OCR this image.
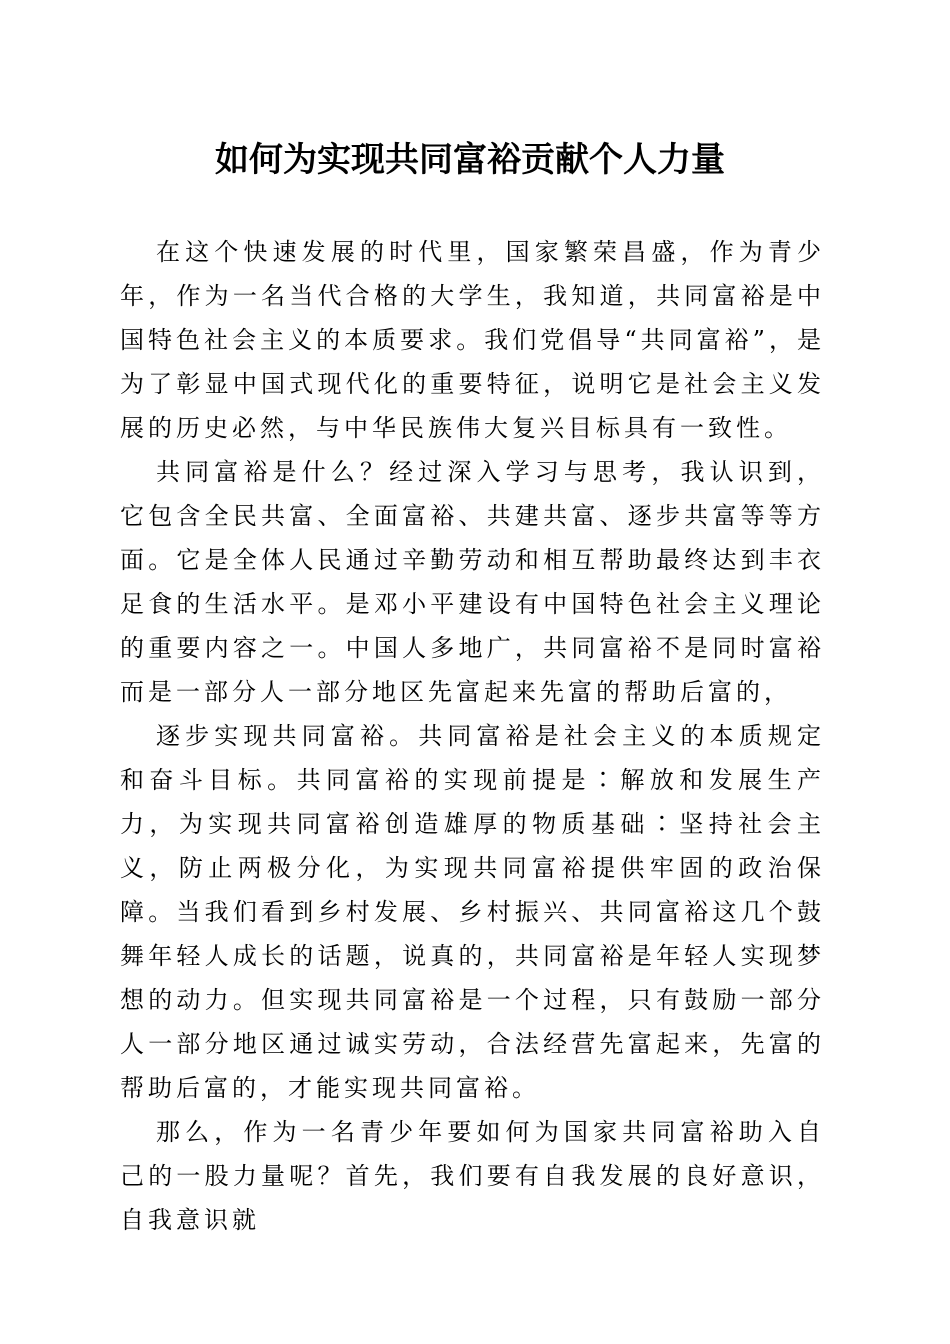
如何为实现共同富裕贡献个人力量

在这个快速发展的时代里，国家繁荣昌盛，作为青少年，作为一名当代合格的大学生，我知道，共同富裕是中国特色社会主义的本质要求。我们党倡导“共同富裕”，是为了彰显中国式现代化的重要特征，说明它是社会主义发展的历史必然，与中华民族伟大复兴目标具有一致性。

共同富裕是什么？经过深入学习与思考，我认识到，它包含全民共富、全面富裕、共建共富、逐步共富等等方面。它是全体人民通过辛勤劳动和相互帮助最终达到丰衣足食的生活水平。是邓小平建设有中国特色社会主义理论的重要内容之一。中国人多地广，共同富裕不是同时富裕而是一部分人一部分地区先富起来先富的帮助后富的，

逐步实现共同富裕。共同富裕是社会主义的本质规定和奋斗目标。共同富裕的实现前提是∶解放和发展生产力，为实现共同富裕创造雄厚的物质基础∶坚持社会主义，防止两极分化，为实现共同富裕提供牢固的政治保障。当我们看到乡村发展、乡村振兴、共同富裕这几个鼓舞年轻人成长的话题，说真的，共同富裕是年轻人实现梦想的动力。但实现共同富裕是一个过程，只有鼓励一部分人一部分地区通过诚实劳动，合法经营先富起来，先富的帮助后富的，才能实现共同富裕。

那么，作为一名青少年要如何为国家共同富裕助入自己的一股力量呢？首先，我们要有自我发展的良好意识，自我意识就
